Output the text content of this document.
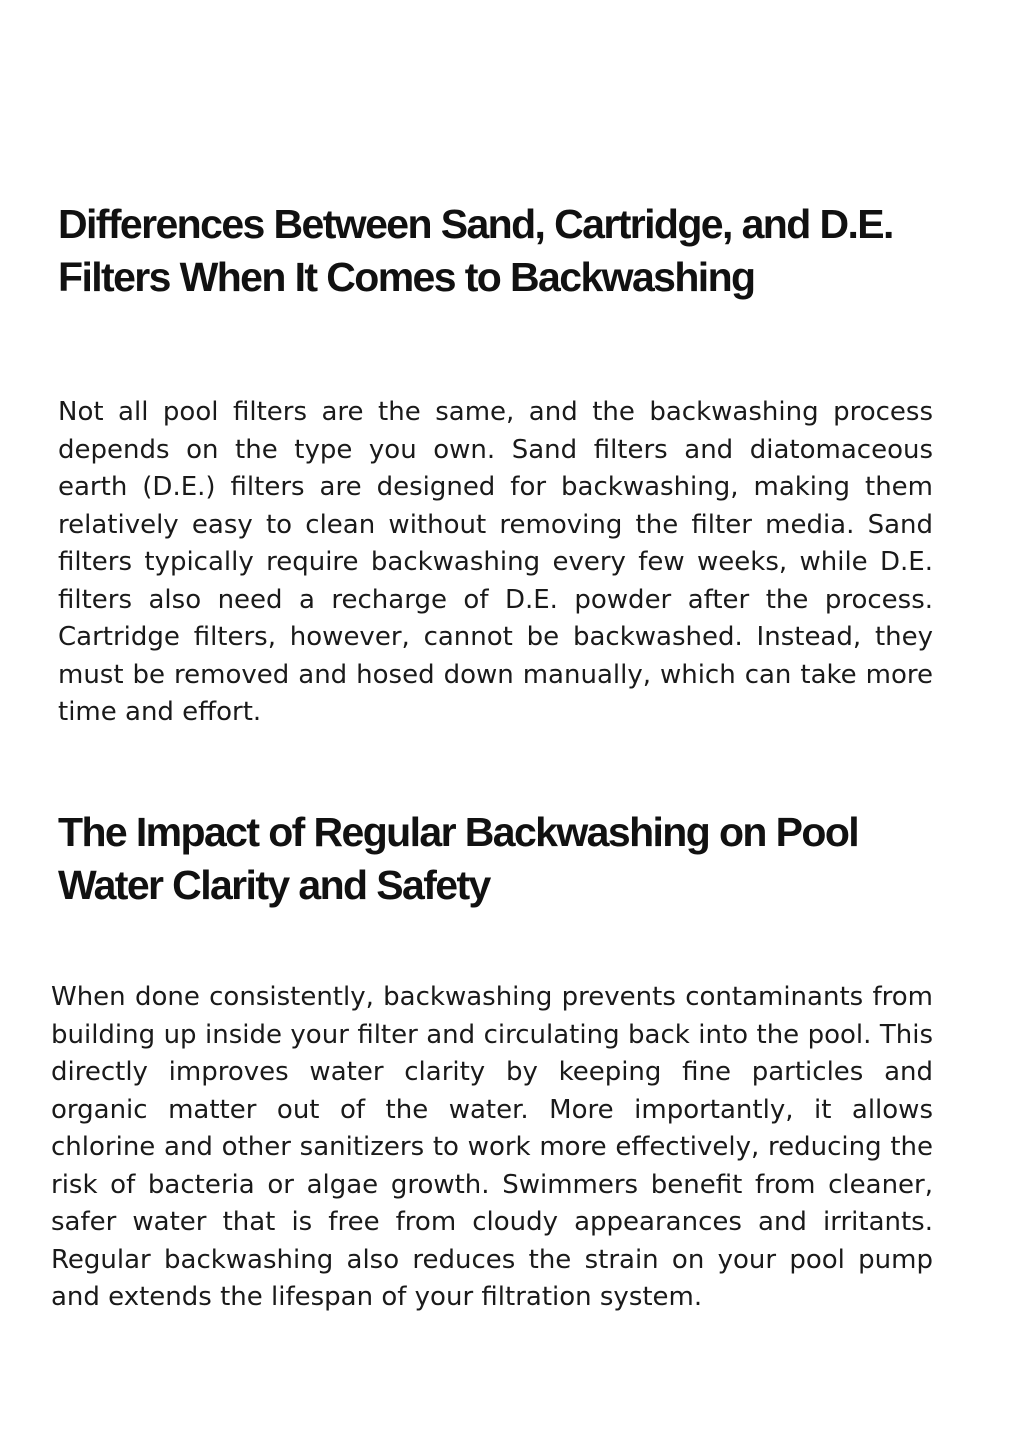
Differences Between Sand, Cartridge, and D.E. Filters When It Comes to Backwashing

Not all pool filters are the same, and the backwashing process depends on the type you own. Sand filters and diatomaceous earth (D.E.) filters are designed for backwashing, making them relatively easy to clean without removing the filter media. Sand filters typically require backwashing every few weeks, while D.E. filters also need a recharge of D.E. powder after the process. Cartridge filters, however, cannot be backwashed. Instead, they must be removed and hosed down manually, which can take more time and effort.

The Impact of Regular Backwashing on Pool Water Clarity and Safety

When done consistently, backwashing prevents contaminants from building up inside your filter and circulating back into the pool. This directly improves water clarity by keeping fine particles and organic matter out of the water. More importantly, it allows chlorine and other sanitizers to work more effectively, reducing the risk of bacteria or algae growth. Swimmers benefit from cleaner, safer water that is free from cloudy appearances and irritants. Regular backwashing also reduces the strain on your pool pump and extends the lifespan of your filtration system.
